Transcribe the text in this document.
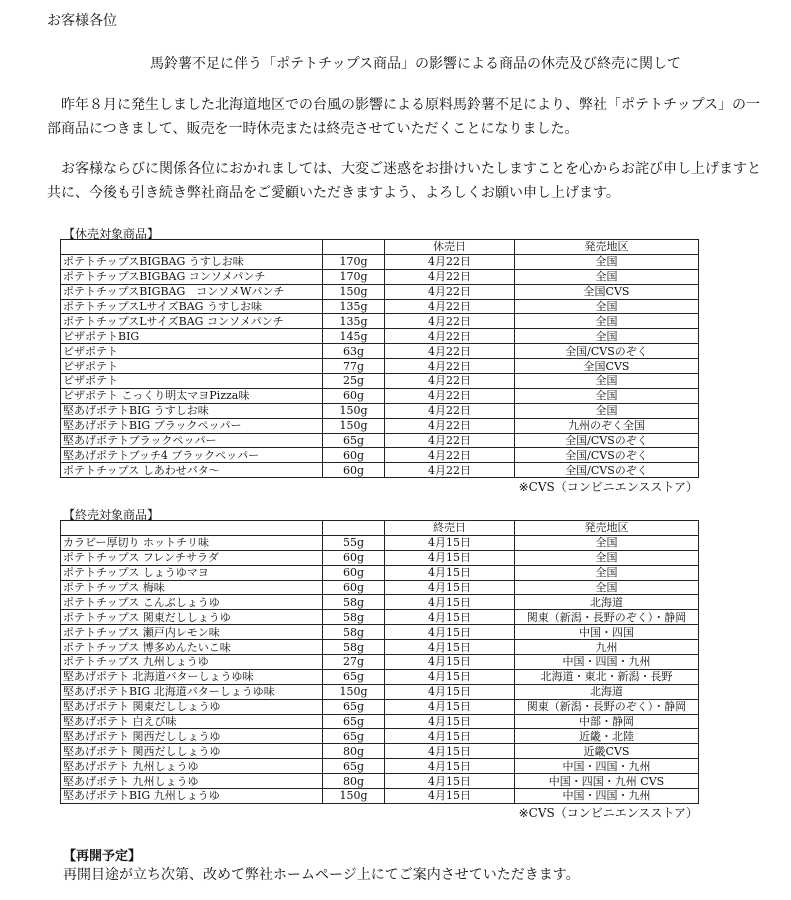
お客様各位
馬鈴薯不足に伴う「ポテトチップス商品」の影響による商品の休売及び終売に関して
昨年８月に発生しました北海道地区での台風の影響による原料馬鈴薯不足により、弊社「ポテトチップス」の一部商品につきまして、販売を一時休売または終売させていただくことになりました。
お客様ならびに関係各位におかれましては、大変ご迷惑をお掛けいたしますことを心からお詫び申し上げますと共に、今後も引き続き弊社商品をご愛顧いただきますよう、よろしくお願い申し上げます。
【休売対象商品】
		休売日	発売地区
ポテトチップスBIGBAG うすしお味	170g	4月22日	全国
ポテトチップスBIGBAG コンソメパンチ	170g	4月22日	全国
ポテトチップスBIGBAG　コンソメWパンチ	150g	4月22日	全国CVS
ポテトチップスLサイズBAG うすしお味	135g	4月22日	全国
ポテトチップスLサイズBAG コンソメパンチ	135g	4月22日	全国
ピザポテトBIG	145g	4月22日	全国
ピザポテト	63g	4月22日	全国/CVSのぞく
ピザポテト	77g	4月22日	全国CVS
ピザポテト	25g	4月22日	全国
ピザポテト こっくり明太マヨPizza味	60g	4月22日	全国
堅あげポテトBIG うすしお味	150g	4月22日	全国
堅あげポテトBIG ブラックペッパー	150g	4月22日	九州のぞく全国
堅あげポテトブラックペッパー	65g	4月22日	全国/CVSのぞく
堅あげポテトブッチ4 ブラックペッパー	60g	4月22日	全国/CVSのぞく
ポテトチップス しあわせバタ～	60g	4月22日	全国/CVSのぞく
※CVS（コンビニエンスストア）
【終売対象商品】
		終売日	発売地区
カラビー厚切り ホットチリ味	55g	4月15日	全国
ポテトチップス フレンチサラダ	60g	4月15日	全国
ポテトチップス しょうゆマヨ	60g	4月15日	全国
ポテトチップス 梅味	60g	4月15日	全国
ポテトチップス こんぶしょうゆ	58g	4月15日	北海道
ポテトチップス 関東だししょうゆ	58g	4月15日	関東（新潟・長野のぞく）・静岡
ポテトチップス 瀬戸内レモン味	58g	4月15日	中国・四国
ポテトチップス 博多めんたいこ味	58g	4月15日	九州
ポテトチップス 九州しょうゆ	27g	4月15日	中国・四国・九州
堅あげポテト 北海道バターしょうゆ味	65g	4月15日	北海道・東北・新潟・長野
堅あげポテトBIG 北海道バターしょうゆ味	150g	4月15日	北海道
堅あげポテト 関東だししょうゆ	65g	4月15日	関東（新潟・長野のぞく）・静岡
堅あげポテト 白えび味	65g	4月15日	中部・静岡
堅あげポテト 関西だししょうゆ	65g	4月15日	近畿・北陸
堅あげポテト 関西だししょうゆ	80g	4月15日	近畿CVS
堅あげポテト 九州しょうゆ	65g	4月15日	中国・四国・九州
堅あげポテト 九州しょうゆ	80g	4月15日	中国・四国・九州 CVS
堅あげポテトBIG 九州しょうゆ	150g	4月15日	中国・四国・九州
※CVS（コンビニエンスストア）
【再開予定】
再開目途が立ち次第、改めて弊社ホームページ上にてご案内させていただきます。
